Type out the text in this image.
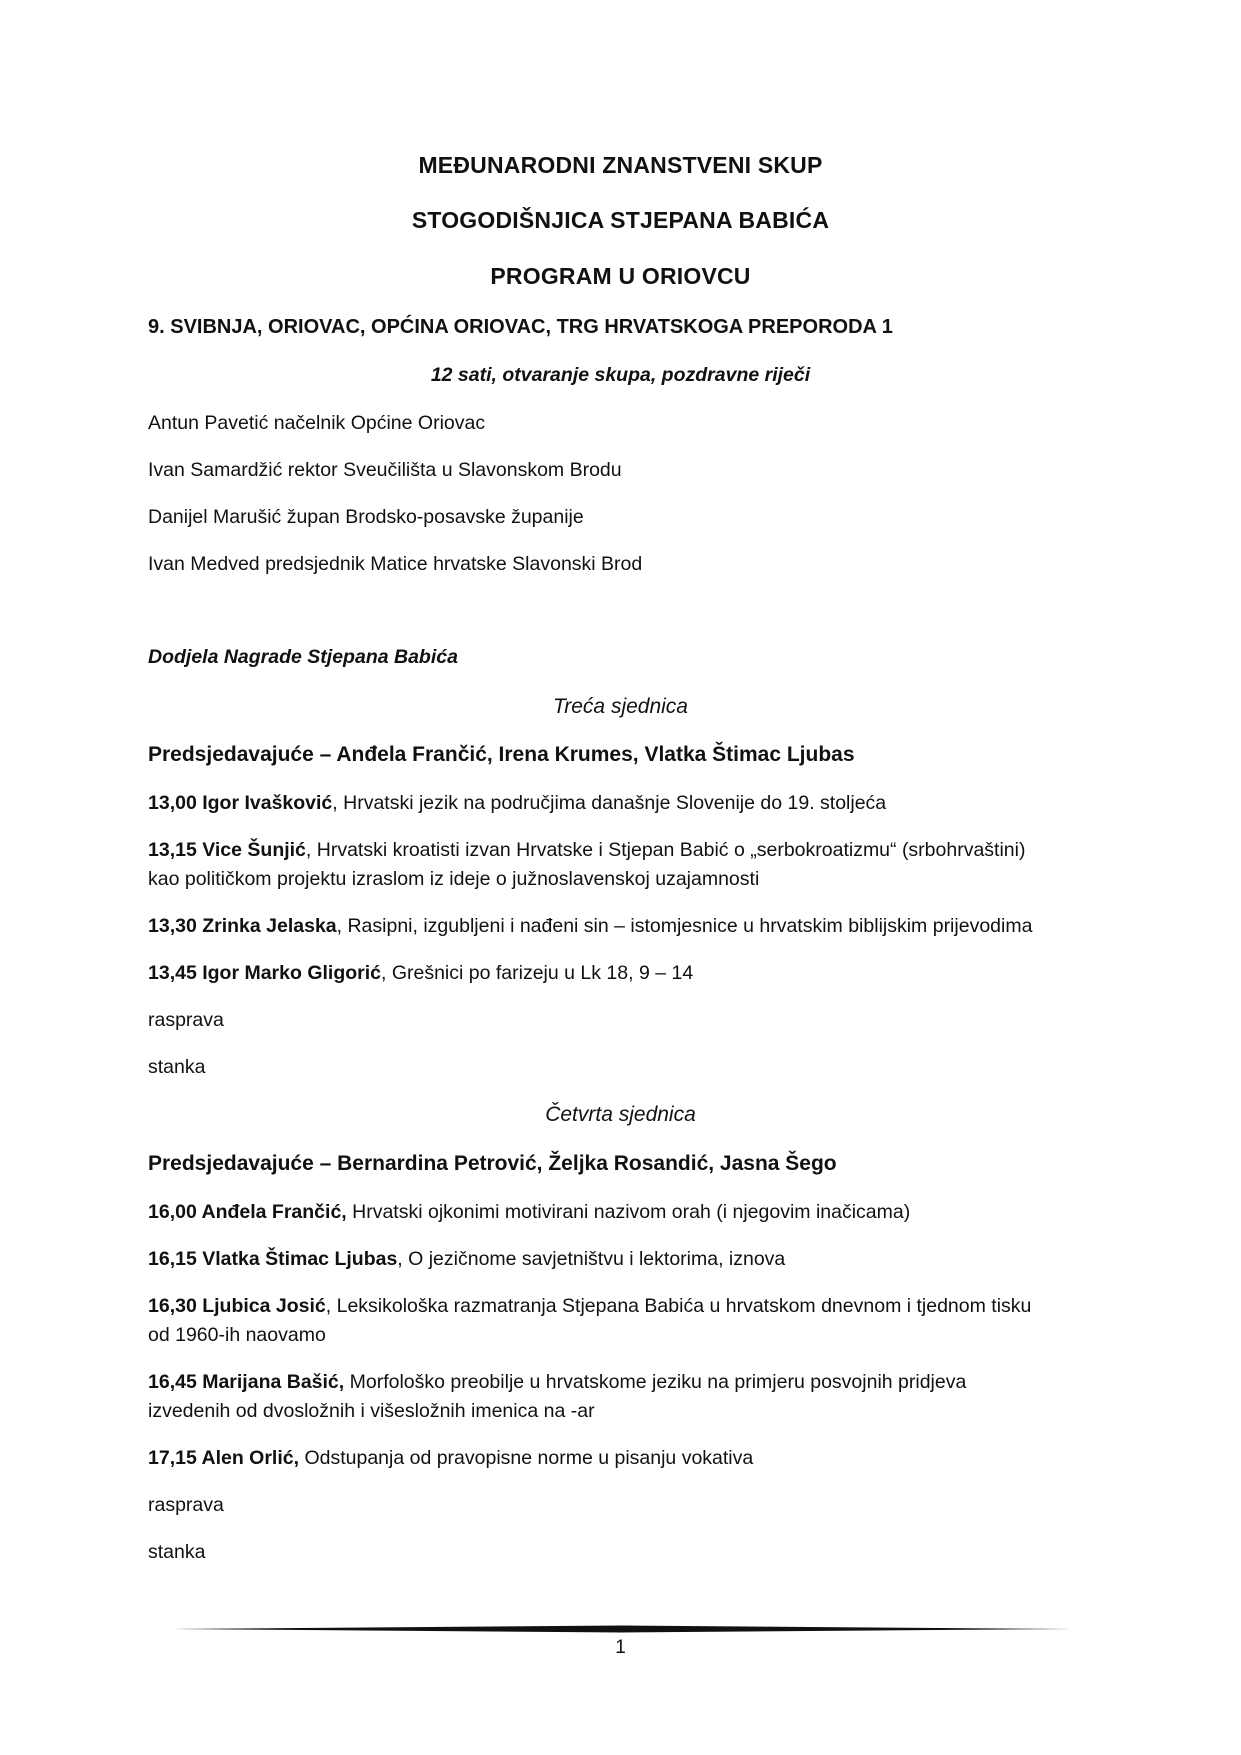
MEĐUNARODNI ZNANSTVENI SKUP
STOGODIŠNJICA STJEPANA BABIĆA
PROGRAM U ORIOVCU
9. SVIBNJA, ORIOVAC, OPĆINA ORIOVAC, TRG HRVATSKOGA PREPORODA 1
12 sati, otvaranje skupa, pozdravne riječi
Antun Pavetić načelnik Općine Oriovac
Ivan Samardžić rektor Sveučilišta u Slavonskom Brodu
Danijel Marušić župan Brodsko-posavske županije
Ivan Medved predsjednik Matice hrvatske Slavonski Brod
Dodjela Nagrade Stjepana Babića
Treća sjednica
Predsjedavajuće – Anđela Frančić, Irena Krumes, Vlatka Štimac Ljubas
13,00 Igor Ivašković, Hrvatski jezik na područjima današnje Slovenije do 19. stoljeća
13,15 Vice Šunjić, Hrvatski kroatisti izvan Hrvatske i Stjepan Babić o „serbokroatizmu“ (srbohrvaštini)
kao političkom projektu izraslom iz ideje o južnoslavenskoj uzajamnosti
13,30 Zrinka Jelaska, Rasipni, izgubljeni i nađeni sin – istomjesnice u hrvatskim biblijskim prijevodima
13,45 Igor Marko Gligorić, Grešnici po farizeju u Lk 18, 9 – 14
rasprava
stanka
Četvrta sjednica
Predsjedavajuće – Bernardina Petrović, Željka Rosandić, Jasna Šego
16,00 Anđela Frančić, Hrvatski ojkonimi motivirani nazivom orah (i njegovim inačicama)
16,15 Vlatka Štimac Ljubas, O jezičnome savjetništvu i lektorima, iznova
16,30 Ljubica Josić, Leksikološka razmatranja Stjepana Babića u hrvatskom dnevnom i tjednom tisku
od 1960-ih naovamo
16,45 Marijana Bašić, Morfološko preobilje u hrvatskome jeziku na primjeru posvojnih pridjeva
izvedenih od dvosložnih i višesložnih imenica na -ar
17,15 Alen Orlić, Odstupanja od pravopisne norme u pisanju vokativa
rasprava
stanka
1
